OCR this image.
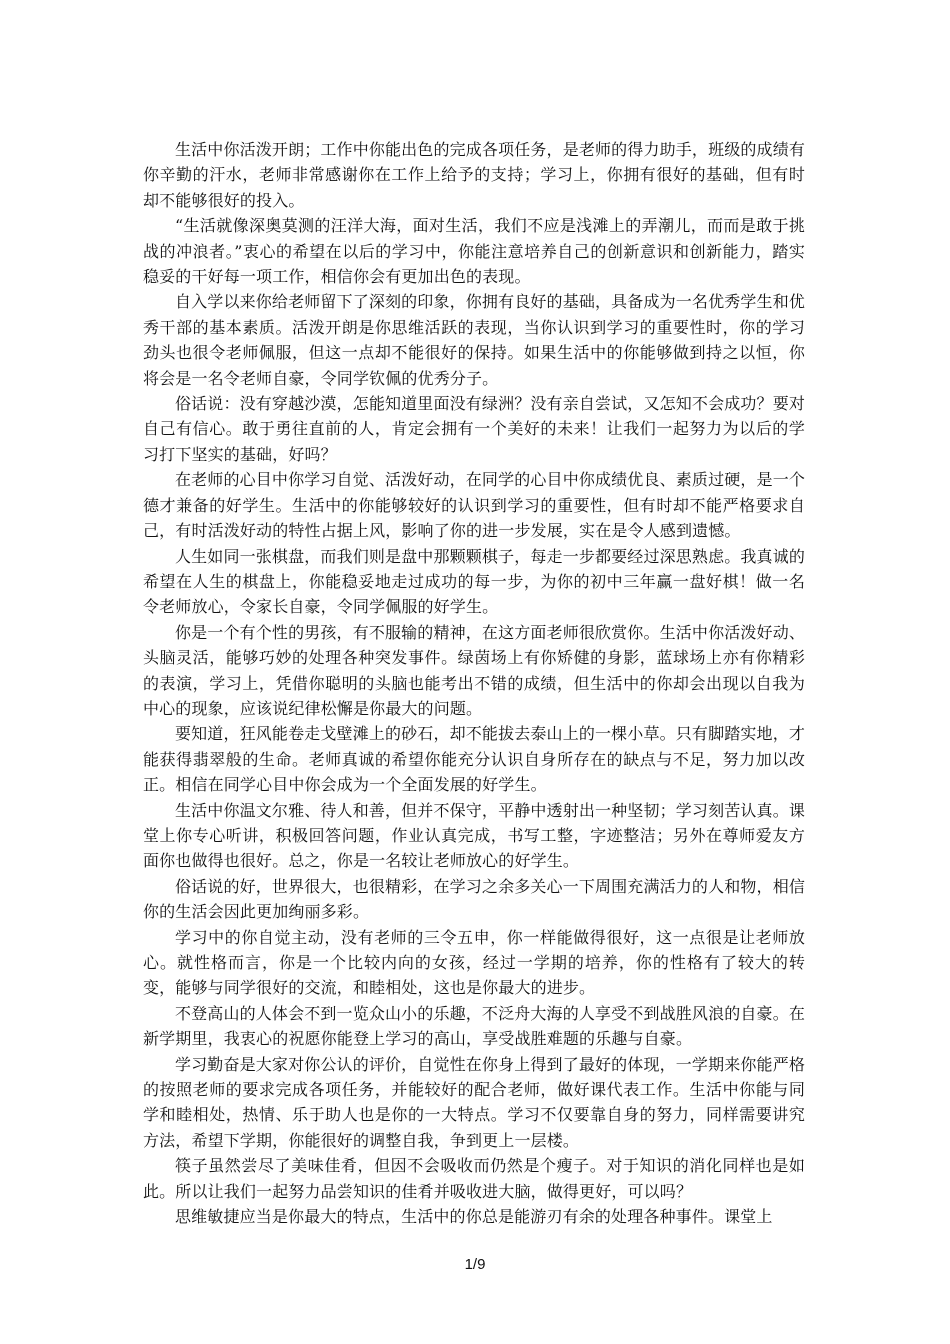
生活中你活泼开朗；工作中你能出色的完成各项任务，是老师的得力助手，班级的成绩有你辛勤的汗水，老师非常感谢你在工作上给予的支持；学习上，你拥有很好的基础，但有时却不能够很好的投入。

“生活就像深奥莫测的汪洋大海，面对生活，我们不应是浅滩上的弄潮儿，而而是敢于挑战的冲浪者。”衷心的希望在以后的学习中，你能注意培养自己的创新意识和创新能力，踏实稳妥的干好每一项工作，相信你会有更加出色的表现。

自入学以来你给老师留下了深刻的印象，你拥有良好的基础，具备成为一名优秀学生和优秀干部的基本素质。活泼开朗是你思维活跃的表现，当你认识到学习的重要性时，你的学习劲头也很令老师佩服，但这一点却不能很好的保持。如果生活中的你能够做到持之以恒，你将会是一名令老师自豪，令同学钦佩的优秀分子。

俗话说：没有穿越沙漠，怎能知道里面没有绿洲？没有亲自尝试，又怎知不会成功？要对自己有信心。敢于勇往直前的人，肯定会拥有一个美好的未来！让我们一起努力为以后的学习打下坚实的基础，好吗？

在老师的心目中你学习自觉、活泼好动，在同学的心目中你成绩优良、素质过硬，是一个德才兼备的好学生。生活中的你能够较好的认识到学习的重要性，但有时却不能严格要求自己，有时活泼好动的特性占据上风，影响了你的进一步发展，实在是令人感到遗憾。

人生如同一张棋盘，而我们则是盘中那颗颗棋子，每走一步都要经过深思熟虑。我真诚的希望在人生的棋盘上，你能稳妥地走过成功的每一步，为你的初中三年赢一盘好棋！做一名令老师放心，令家长自豪，令同学佩服的好学生。

你是一个有个性的男孩，有不服输的精神，在这方面老师很欣赏你。生活中你活泼好动、头脑灵活，能够巧妙的处理各种突发事件。绿茵场上有你矫健的身影，蓝球场上亦有你精彩的表演，学习上，凭借你聪明的头脑也能考出不错的成绩，但生活中的你却会出现以自我为中心的现象，应该说纪律松懈是你最大的问题。

要知道，狂风能卷走戈壁滩上的砂石，却不能拔去泰山上的一棵小草。只有脚踏实地，才能获得翡翠般的生命。老师真诚的希望你能充分认识自身所存在的缺点与不足，努力加以改正。相信在同学心目中你会成为一个全面发展的好学生。

生活中你温文尔雅、待人和善，但并不保守，平静中透射出一种坚韧；学习刻苦认真。课堂上你专心听讲，积极回答问题，作业认真完成，书写工整，字迹整洁；另外在尊师爱友方面你也做得也很好。总之，你是一名较让老师放心的好学生。

俗话说的好，世界很大，也很精彩，在学习之余多关心一下周围充满活力的人和物，相信你的生活会因此更加绚丽多彩。

学习中的你自觉主动，没有老师的三令五申，你一样能做得很好，这一点很是让老师放心。就性格而言，你是一个比较内向的女孩，经过一学期的培养，你的性格有了较大的转变，能够与同学很好的交流，和睦相处，这也是你最大的进步。

不登高山的人体会不到一览众山小的乐趣，不泛舟大海的人享受不到战胜风浪的自豪。在新学期里，我衷心的祝愿你能登上学习的高山，享受战胜难题的乐趣与自豪。

学习勤奋是大家对你公认的评价，自觉性在你身上得到了最好的体现，一学期来你能严格的按照老师的要求完成各项任务，并能较好的配合老师，做好课代表工作。生活中你能与同学和睦相处，热情、乐于助人也是你的一大特点。学习不仅要靠自身的努力，同样需要讲究方法，希望下学期，你能很好的调整自我，争到更上一层楼。

筷子虽然尝尽了美味佳肴，但因不会吸收而仍然是个瘦子。对于知识的消化同样也是如此。所以让我们一起努力品尝知识的佳肴并吸收进大脑，做得更好，可以吗？

思维敏捷应当是你最大的特点，生活中的你总是能游刃有余的处理各种事件。课堂上

1/9
